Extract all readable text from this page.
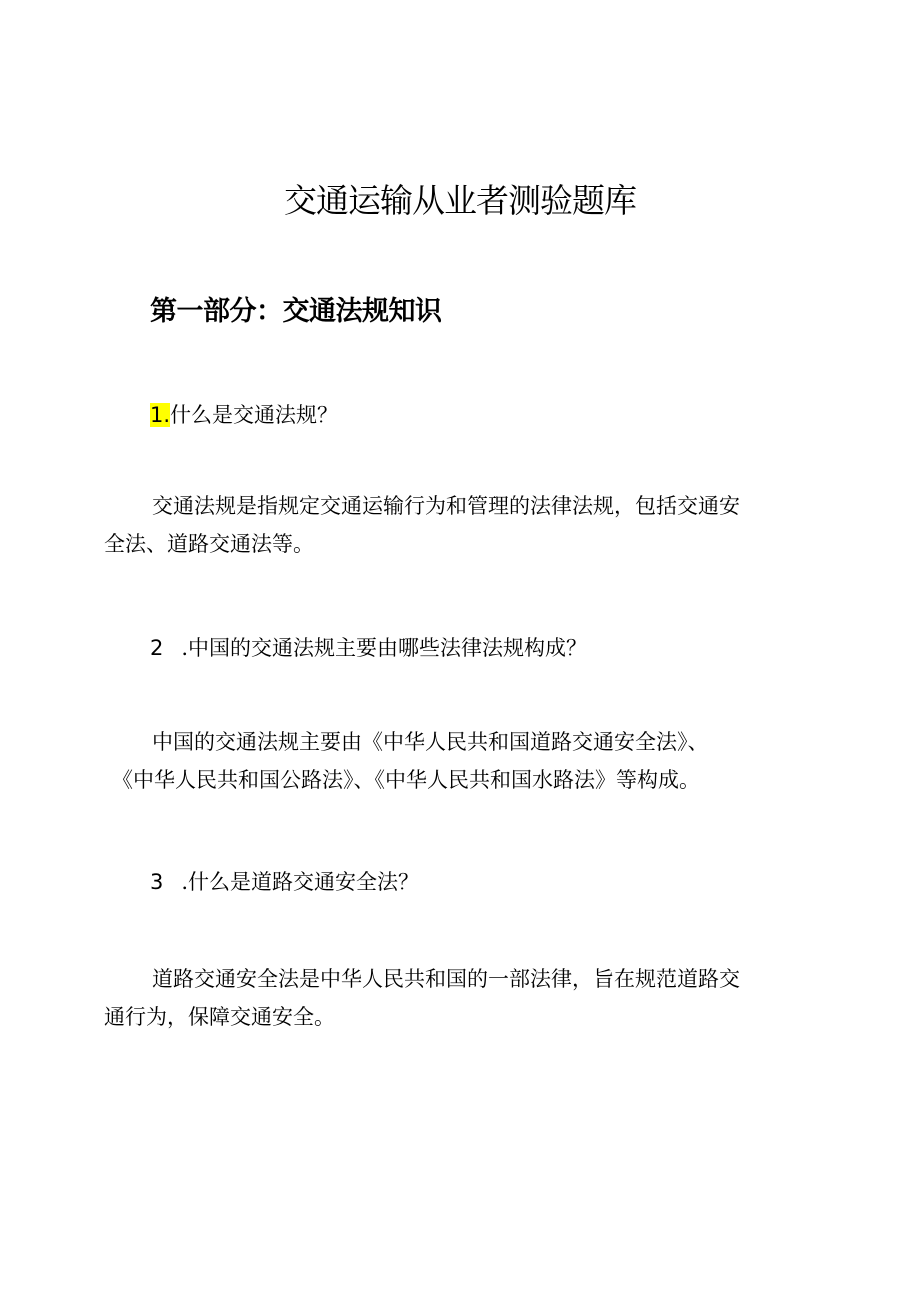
交通运输从业者测验题库
第一部分：交通法规知识

1.什么是交通法规？

交通法规是指规定交通运输行为和管理的法律法规，包括交通安
全法、道路交通法等。

2 .中国的交通法规主要由哪些法律法规构成？

中国的交通法规主要由《中华人民共和国道路交通安全法》、
《中华人民共和国公路法》、《中华人民共和国水路法》等构成。

3 .什么是道路交通安全法？

道路交通安全法是中华人民共和国的一部法律，旨在规范道路交
通行为，保障交通安全。
